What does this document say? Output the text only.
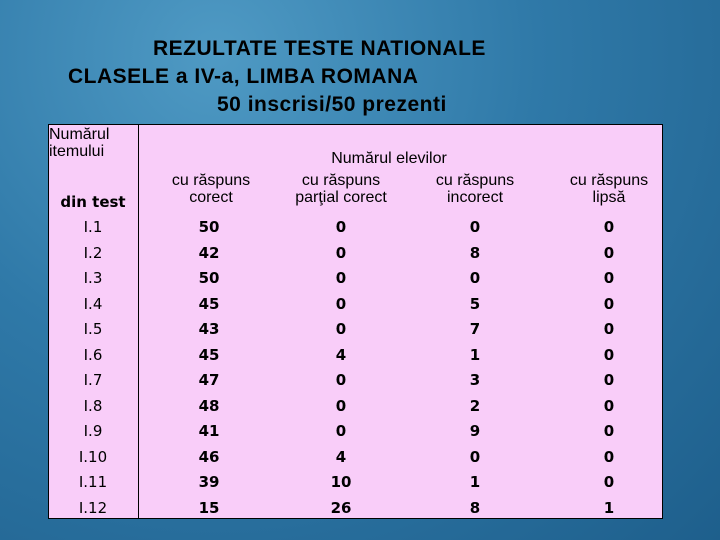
REZULTATE TESTE NATIONALE
CLASELE a IV-a, LIMBA ROMANA
50 inscrisi/50 prezenti
Numărul
itemului
din test
Numărul elevilor
cu răspuns
corect
cu răspuns
parţial corect
cu răspuns
incorect
cu răspuns
lipsă
I.1	50	0	0	0
I.2	42	0	8	0
I.3	50	0	0	0
I.4	45	0	5	0
I.5	43	0	7	0
I.6	45	4	1	0
I.7	47	0	3	0
I.8	48	0	2	0
I.9	41	0	9	0
I.10	46	4	0	0
I.11	39	10	1	0
I.12	15	26	8	1
